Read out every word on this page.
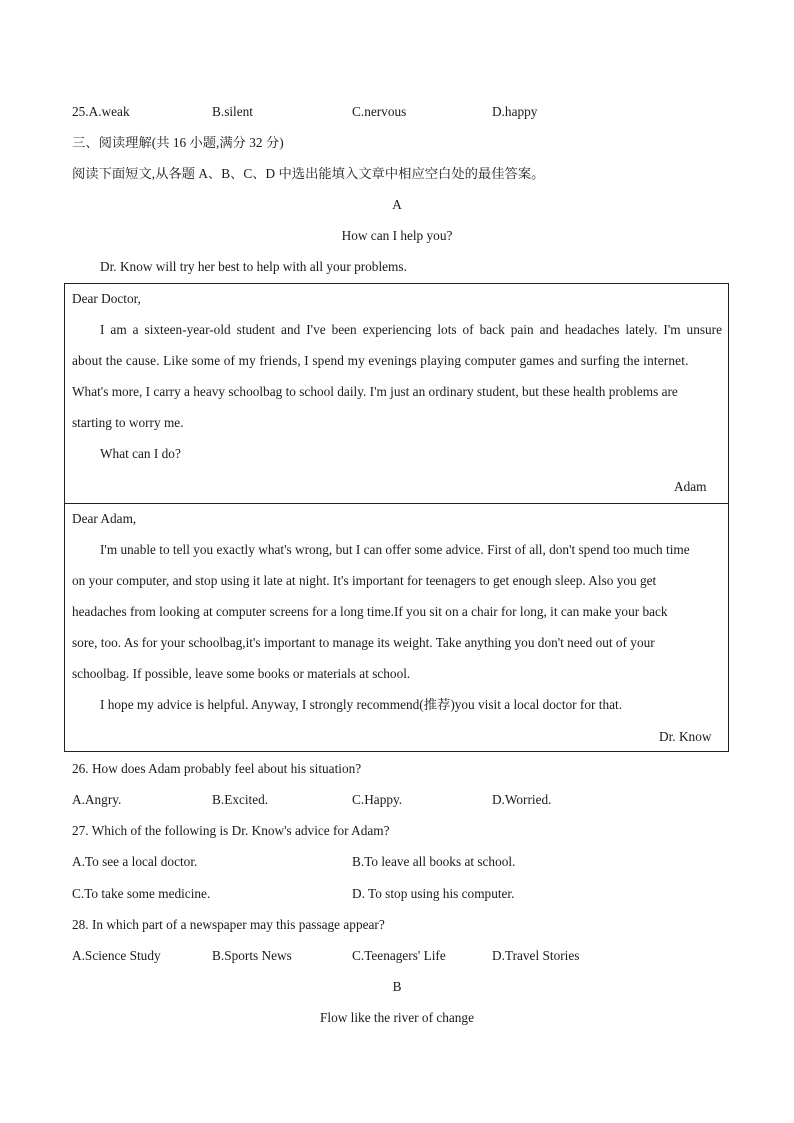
25.A.weak	B.silent	C.nervous	D.happy
三、阅读理解(共 16 小题,满分 32 分)
阅读下面短文,从各题 A、B、C、D 中选出能填入文章中相应空白处的最佳答案。
A
How can I help you?
Dr. Know will try her best to help with all your problems.
Dear Doctor,
I am a sixteen-year-old student and I've been experiencing lots of back pain and headaches lately. I'm unsure
about the cause. Like some of my friends, I spend my evenings playing computer games and surfing the internet.
What's more, I carry a heavy schoolbag to school daily. I'm just an ordinary student, but these health problems are
starting to worry me.
What can I do?
Adam
Dear Adam,
I'm unable to tell you exactly what's wrong, but I can offer some advice. First of all, don't spend too much time
on your computer, and stop using it late at night. It's important for teenagers to get enough sleep. Also you get
headaches from looking at computer screens for a long time.If you sit on a chair for long, it can make your back
sore, too. As for your schoolbag,it's important to manage its weight. Take anything you don't need out of your
schoolbag. If possible, leave some books or materials at school.
I hope my advice is helpful. Anyway, I strongly recommend(推荐)you visit a local doctor for that.
Dr. Know
26. How does Adam probably feel about his situation?
A.Angry.	B.Excited.	C.Happy.	D.Worried.
27. Which of the following is Dr. Know's advice for Adam?
A.To see a local doctor.	B.To leave all books at school.
C.To take some medicine.	D. To stop using his computer.
28. In which part of a newspaper may this passage appear?
A.Science Study	B.Sports News	C.Teenagers' Life	D.Travel Stories
B
Flow like the river of change
